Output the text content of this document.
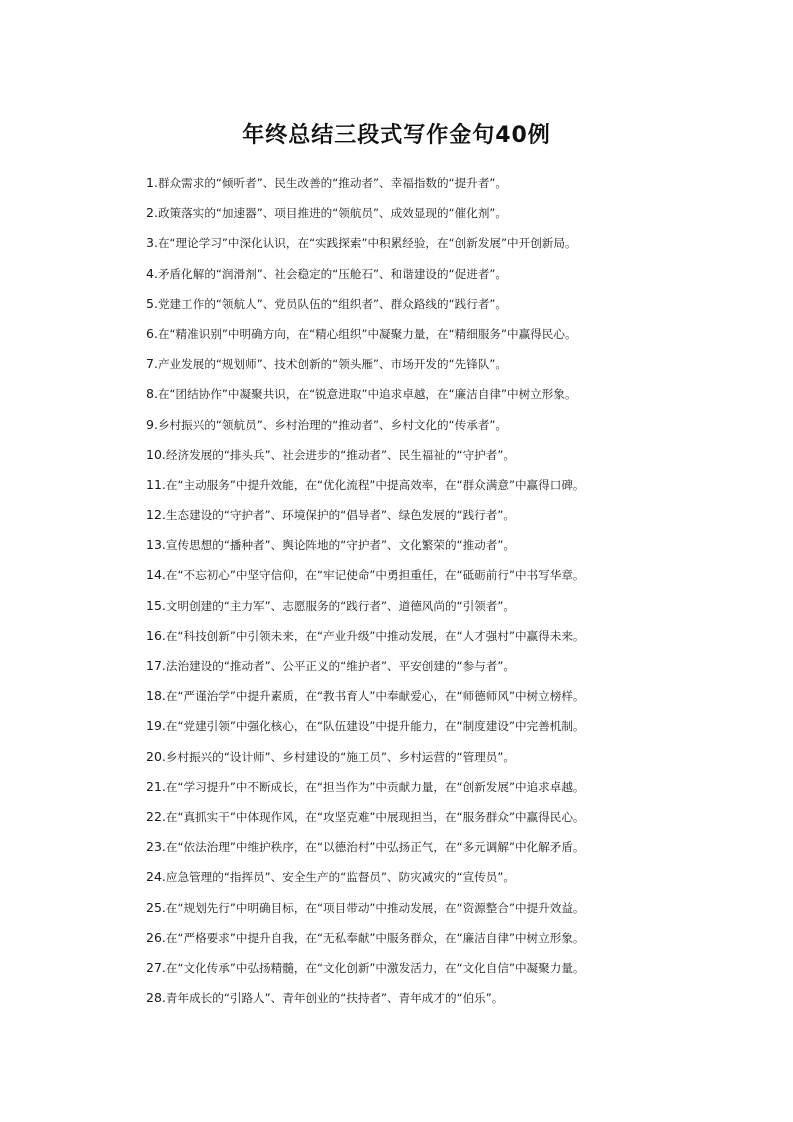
年终总结三段式写作金句40例
1.群众需求的“倾听者”、民生改善的“推动者”、幸福指数的“提升者”。
2.政策落实的“加速器”、项目推进的“领航员”、成效显现的“催化剂”。
3.在“理论学习”中深化认识，在“实践探索”中积累经验，在“创新发展”中开创新局。
4.矛盾化解的“润滑剂”、社会稳定的“压舱石”、和谐建设的“促进者”。
5.党建工作的“领航人”、党员队伍的“组织者”、群众路线的“践行者”。
6.在“精准识别”中明确方向，在“精心组织”中凝聚力量，在“精细服务”中赢得民心。
7.产业发展的“规划师”、技术创新的“领头雁”、市场开发的“先锋队”。
8.在“团结协作”中凝聚共识，在“锐意进取”中追求卓越，在“廉洁自律”中树立形象。
9.乡村振兴的“领航员”、乡村治理的“推动者”、乡村文化的“传承者”。
10.经济发展的“排头兵”、社会进步的“推动者”、民生福祉的“守护者”。
11.在“主动服务”中提升效能，在“优化流程”中提高效率，在“群众满意”中赢得口碑。
12.生态建设的“守护者”、环境保护的“倡导者”、绿色发展的“践行者”。
13.宣传思想的“播种者”、舆论阵地的“守护者”、文化繁荣的“推动者”。
14.在“不忘初心”中坚守信仰，在“牢记使命”中勇担重任，在“砥砺前行”中书写华章。
15.文明创建的“主力军”、志愿服务的“践行者”、道德风尚的“引领者”。
16.在“科技创新”中引领未来，在“产业升级”中推动发展，在“人才强村”中赢得未来。
17.法治建设的“推动者”、公平正义的“维护者”、平安创建的“参与者”。
18.在“严谨治学”中提升素质，在“教书育人”中奉献爱心，在“师德师风”中树立榜样。
19.在“党建引领”中强化核心，在“队伍建设”中提升能力，在“制度建设”中完善机制。
20.乡村振兴的“设计师”、乡村建设的“施工员”、乡村运营的“管理员”。
21.在“学习提升”中不断成长，在“担当作为”中贡献力量，在“创新发展”中追求卓越。
22.在“真抓实干”中体现作风，在“攻坚克难”中展现担当，在“服务群众”中赢得民心。
23.在“依法治理”中维护秩序，在“以德治村”中弘扬正气，在“多元调解”中化解矛盾。
24.应急管理的“指挥员”、安全生产的“监督员”、防灾减灾的“宣传员”。
25.在“规划先行”中明确目标，在“项目带动”中推动发展，在“资源整合”中提升效益。
26.在“严格要求”中提升自我，在“无私奉献”中服务群众，在“廉洁自律”中树立形象。
27.在“文化传承”中弘扬精髓，在“文化创新”中激发活力，在“文化自信”中凝聚力量。
28.青年成长的“引路人”、青年创业的“扶持者”、青年成才的“伯乐”。
